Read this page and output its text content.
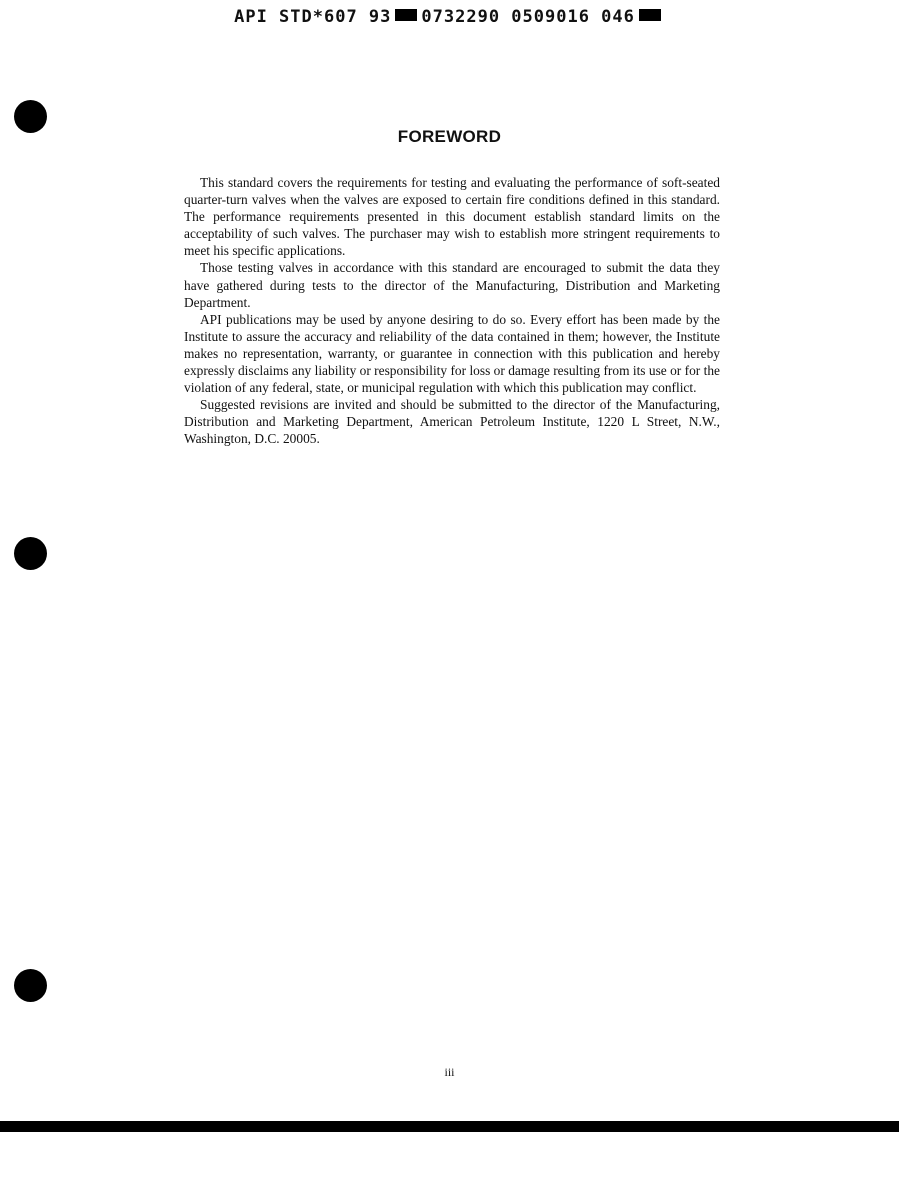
API STD*607 93 0732290 0509016 046
FOREWORD

This standard covers the requirements for testing and evaluating the performance of soft-seated quarter-turn valves when the valves are exposed to certain fire conditions defined in this standard. The performance requirements presented in this document establish standard limits on the acceptability of such valves. The purchaser may wish to establish more stringent requirements to meet his specific applications.

Those testing valves in accordance with this standard are encouraged to submit the data they have gathered during tests to the director of the Manufacturing, Distribution and Marketing Department.

API publications may be used by anyone desiring to do so. Every effort has been made by the Institute to assure the accuracy and reliability of the data contained in them; however, the Institute makes no representation, warranty, or guarantee in connection with this publication and hereby expressly disclaims any liability or responsibility for loss or damage resulting from its use or for the violation of any federal, state, or municipal regulation with which this publication may conflict.

Suggested revisions are invited and should be submitted to the director of the Manufacturing, Distribution and Marketing Department, American Petroleum Institute, 1220 L Street, N.W., Washington, D.C. 20005.

iii
